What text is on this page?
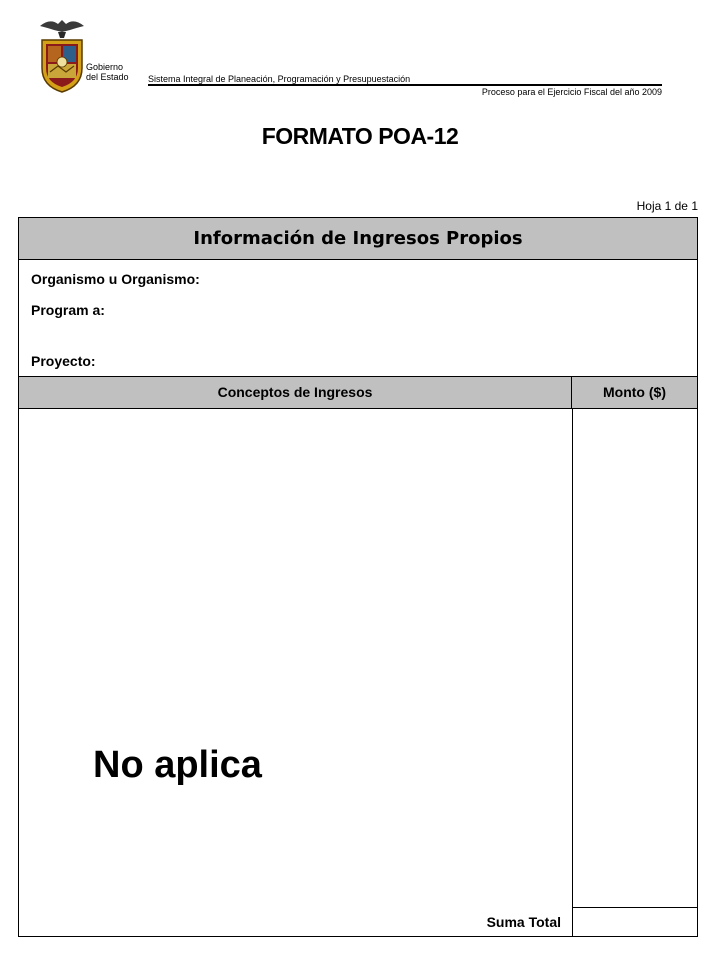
Gobierno
del Estado Sistema Integral de Planeación, Programación y Presupuestación
Proceso para el Ejercicio Fiscal del año 2009
FORMATO POA-12
Hoja 1 de 1
Información de Ingresos Propios
Organismo u Organismo:
Program a:
Proyecto:
Conceptos de Ingresos	Monto ($)
No aplica
Suma Total
